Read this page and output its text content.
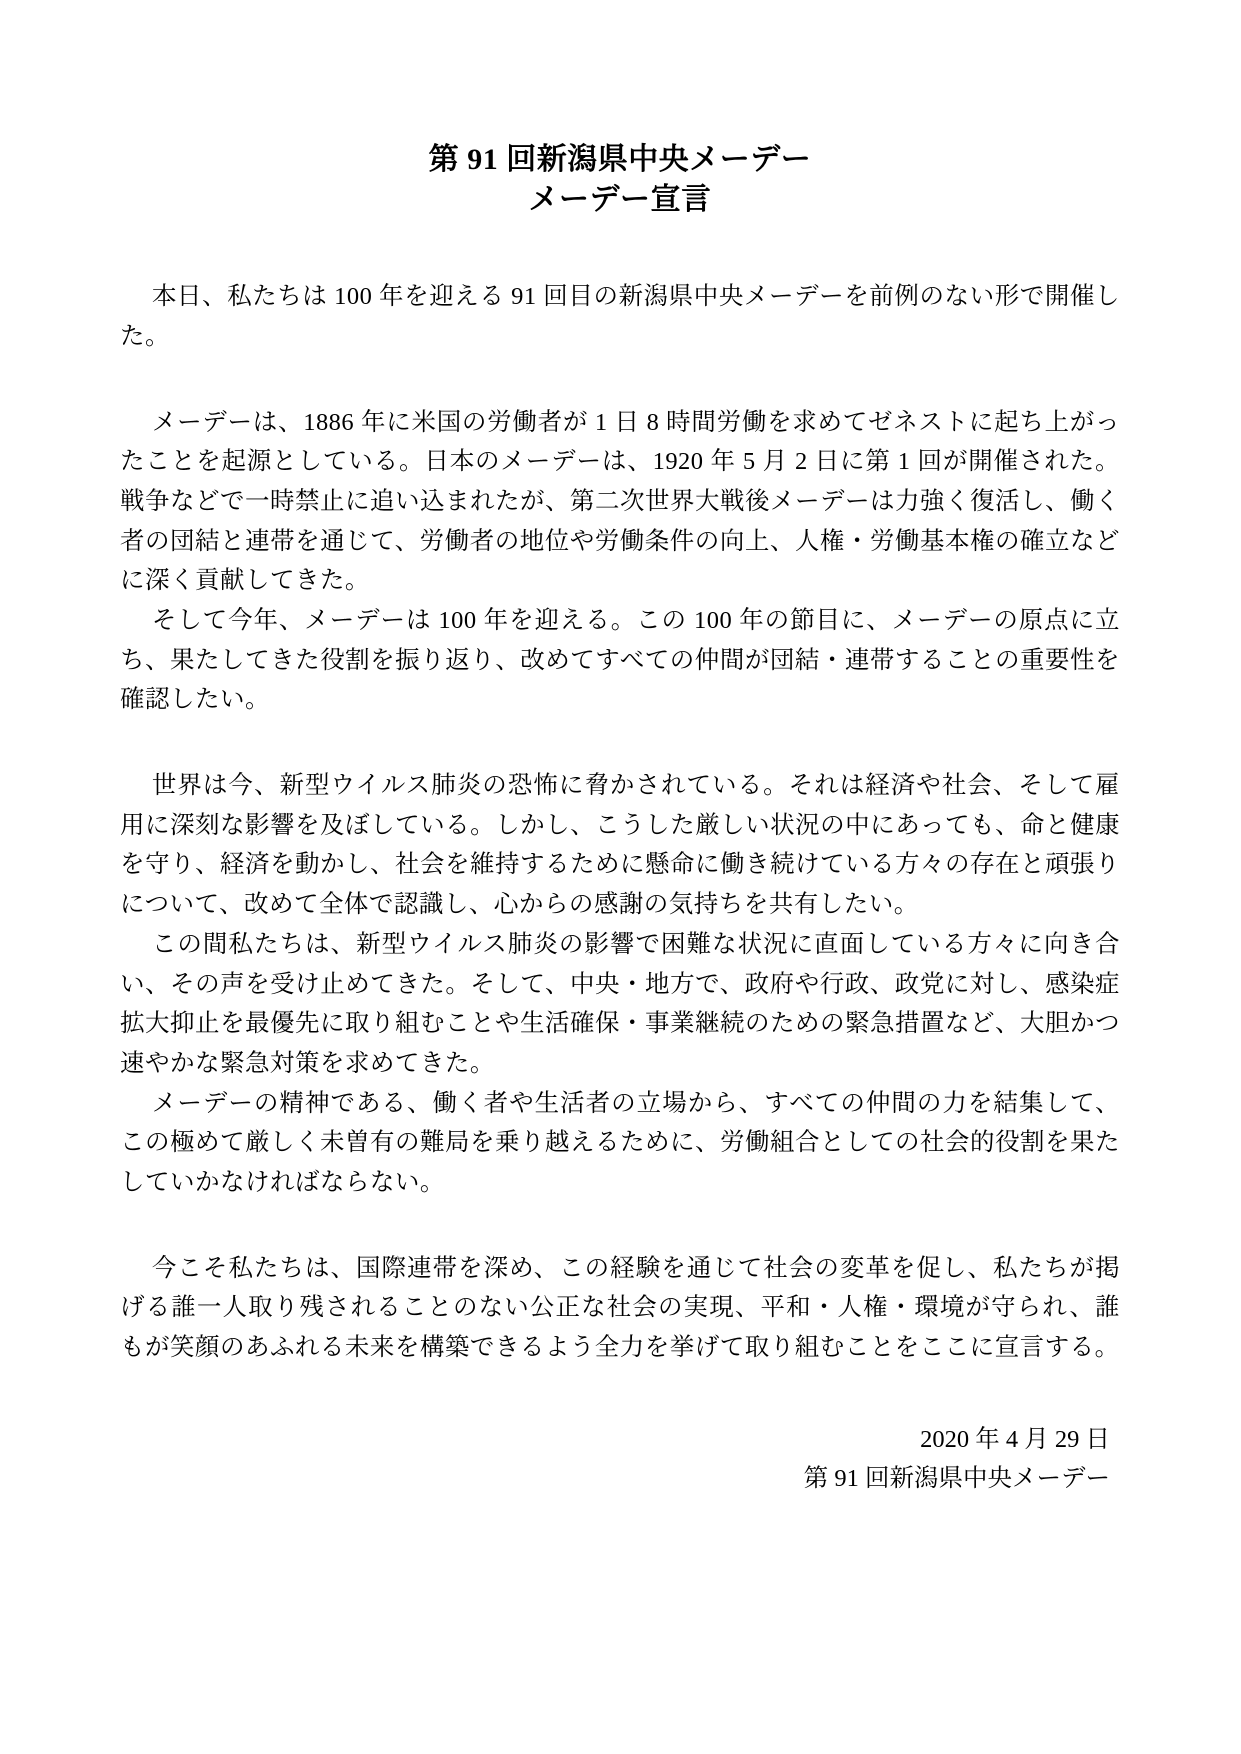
第 91 回新潟県中央メーデー
メーデー宣言

本日、私たちは 100 年を迎える 91 回目の新潟県中央メーデーを前例のない形で開催した。

メーデーは、1886 年に米国の労働者が 1 日 8 時間労働を求めてゼネストに起ち上がったことを起源としている。日本のメーデーは、1920 年 5 月 2 日に第 1 回が開催された。戦争などで一時禁止に追い込まれたが、第二次世界大戦後メーデーは力強く復活し、働く者の団結と連帯を通じて、労働者の地位や労働条件の向上、人権・労働基本権の確立などに深く貢献してきた。

そして今年、メーデーは 100 年を迎える。この 100 年の節目に、メーデーの原点に立ち、果たしてきた役割を振り返り、改めてすべての仲間が団結・連帯することの重要性を確認したい。

世界は今、新型ウイルス肺炎の恐怖に脅かされている。それは経済や社会、そして雇用に深刻な影響を及ぼしている。しかし、こうした厳しい状況の中にあっても、命と健康を守り、経済を動かし、社会を維持するために懸命に働き続けている方々の存在と頑張りについて、改めて全体で認識し、心からの感謝の気持ちを共有したい。

この間私たちは、新型ウイルス肺炎の影響で困難な状況に直面している方々に向き合い、その声を受け止めてきた。そして、中央・地方で、政府や行政、政党に対し、感染症拡大抑止を最優先に取り組むことや生活確保・事業継続のための緊急措置など、大胆かつ速やかな緊急対策を求めてきた。

メーデーの精神である、働く者や生活者の立場から、すべての仲間の力を結集して、この極めて厳しく未曽有の難局を乗り越えるために、労働組合としての社会的役割を果たしていかなければならない。

今こそ私たちは、国際連帯を深め、この経験を通じて社会の変革を促し、私たちが掲げる誰一人取り残されることのない公正な社会の実現、平和・人権・環境が守られ、誰もが笑顔のあふれる未来を構築できるよう全力を挙げて取り組むことをここに宣言する。

2020 年 4 月 29 日
第 91 回新潟県中央メーデー
